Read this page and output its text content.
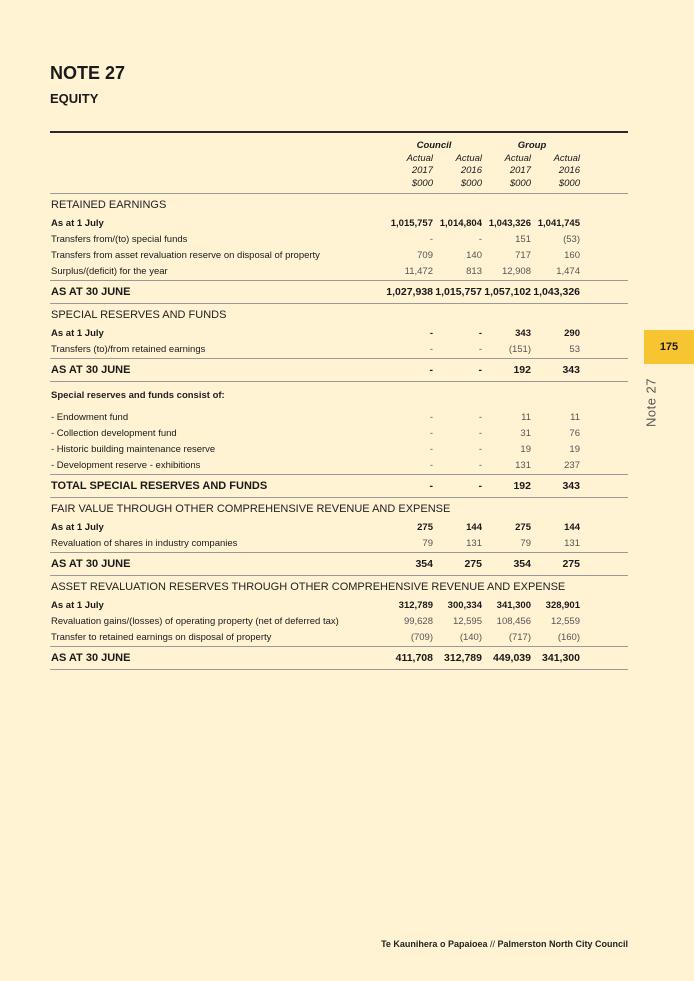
NOTE 27
EQUITY
	Council		Group		
	Actual	Actual	Actual	Actual	
	2017	2016	2017	2016	
	$000	$000	$000	$000	
RETAINED EARNINGS					
As at 1 July	1,015,757	1,014,804	1,043,326	1,041,745	
Transfers from/(to) special funds	-	-	151	(53)	
Transfers from asset revaluation reserve on disposal of property	709	140	717	160	
Surplus/(deficit) for the year	11,472	813	12,908	1,474	
AS AT 30 JUNE	1,027,938	1,015,757	1,057,102	1,043,326	
SPECIAL RESERVES AND FUNDS					
As at 1 July	-	-	343	290	
Transfers (to)/from retained earnings	-	-	(151)	53	
AS AT 30 JUNE	-	-	192	343	
Special reserves and funds consist of:					
- Endowment fund	-	-	11	11	
- Collection development fund	-	-	31	76	
- Historic building maintenance reserve	-	-	19	19	
- Development reserve - exhibitions	-	-	131	237	
TOTAL SPECIAL RESERVES AND FUNDS	-	-	192	343	
FAIR VALUE THROUGH OTHER COMPREHENSIVE REVENUE AND EXPENSE					
As at 1 July	275	144	275	144	
Revaluation of shares in industry companies	79	131	79	131	
AS AT 30 JUNE	354	275	354	275	
ASSET REVALUATION RESERVES THROUGH OTHER COMPREHENSIVE REVENUE AND EXPENSE					
As at 1 July	312,789	300,334	341,300	328,901	
Revaluation gains/(losses) of operating property (net of deferred tax)	99,628	12,595	108,456	12,559	
Transfer to retained earnings on disposal of property	(709)	(140)	(717)	(160)	
AS AT 30 JUNE	411,708	312,789	449,039	341,300	
175
Note 27
Te Kaunihera o Papaioea // Palmerston North City Council
